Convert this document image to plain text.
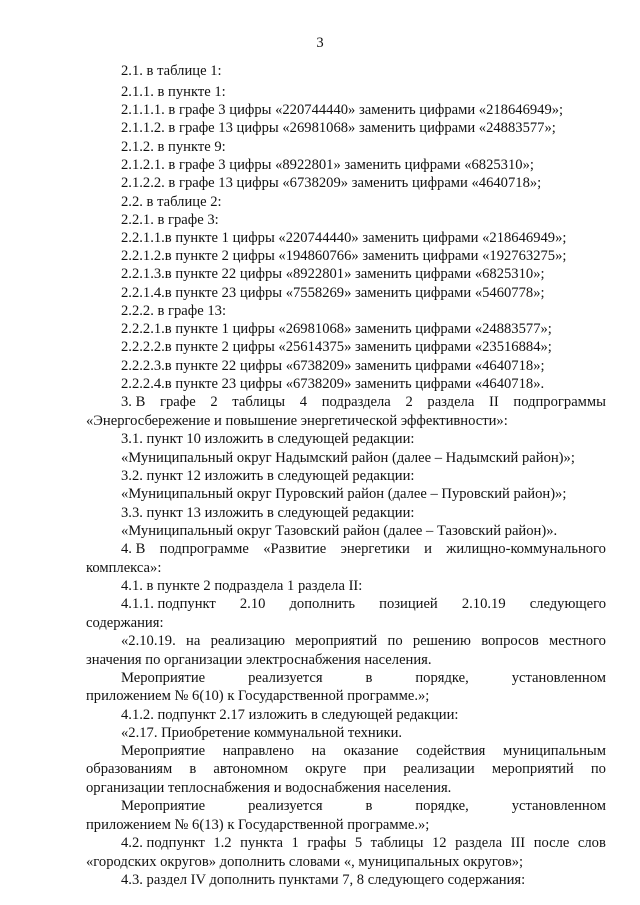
3
2.1. в таблице 1:
2.1.1. в пункте 1:
2.1.1.1. в графе 3 цифры «220744440» заменить цифрами «218646949»;
2.1.1.2. в графе 13 цифры «26981068» заменить цифрами «24883577»;
2.1.2. в пункте 9:
2.1.2.1. в графе 3 цифры «8922801» заменить цифрами «6825310»;
2.1.2.2. в графе 13 цифры «6738209» заменить цифрами «4640718»;
2.2. в таблице 2:
2.2.1. в графе 3:
2.2.1.1.в пункте 1 цифры «220744440» заменить цифрами «218646949»;
2.2.1.2.в пункте 2 цифры «194860766» заменить цифрами «192763275»;
2.2.1.3.в пункте 22 цифры «8922801» заменить цифрами «6825310»;
2.2.1.4.в пункте 23 цифры «7558269» заменить цифрами «5460778»;
2.2.2. в графе 13:
2.2.2.1.в пункте 1 цифры «26981068» заменить цифрами «24883577»;
2.2.2.2.в пункте 2 цифры «25614375» заменить цифрами «23516884»;
2.2.2.3.в пункте 22 цифры «6738209» заменить цифрами «4640718»;
2.2.2.4.в пункте 23 цифры «6738209» заменить цифрами «4640718».
3. В графе 2 таблицы 4 подраздела 2 раздела II подпрограммы
«Энергосбережение и повышение энергетической эффективности»:
3.1. пункт 10 изложить в следующей редакции:
«Муниципальный округ Надымский район (далее – Надымский район)»;
3.2. пункт 12 изложить в следующей редакции:
«Муниципальный округ Пуровский район (далее – Пуровский район)»;
3.3. пункт 13 изложить в следующей редакции:
«Муниципальный округ Тазовский район (далее – Тазовский район)».
4. В подпрограмме «Развитие энергетики и жилищно-коммунального
комплекса»:
4.1. в пункте 2 подраздела 1 раздела II:
4.1.1. подпункт 2.10 дополнить позицией 2.10.19 следующего
содержания:
«2.10.19. на реализацию мероприятий по решению вопросов местного
значения по организации электроснабжения населения.
Мероприятие	реализуется	в	порядке,	установленном
приложением № 6(10) к Государственной программе.»;
4.1.2. подпункт 2.17 изложить в следующей редакции:
«2.17. Приобретение коммунальной техники.
Мероприятие направлено на оказание содействия муниципальным
образованиям в автономном округе при реализации мероприятий по
организации теплоснабжения и водоснабжения населения.
Мероприятие	реализуется	в	порядке,	установленном
приложением № 6(13) к Государственной программе.»;
4.2. подпункт 1.2 пункта 1 графы 5 таблицы 12 раздела III после слов
«городских округов» дополнить словами «, муниципальных округов»;
4.3. раздел IV дополнить пунктами 7, 8 следующего содержания:
